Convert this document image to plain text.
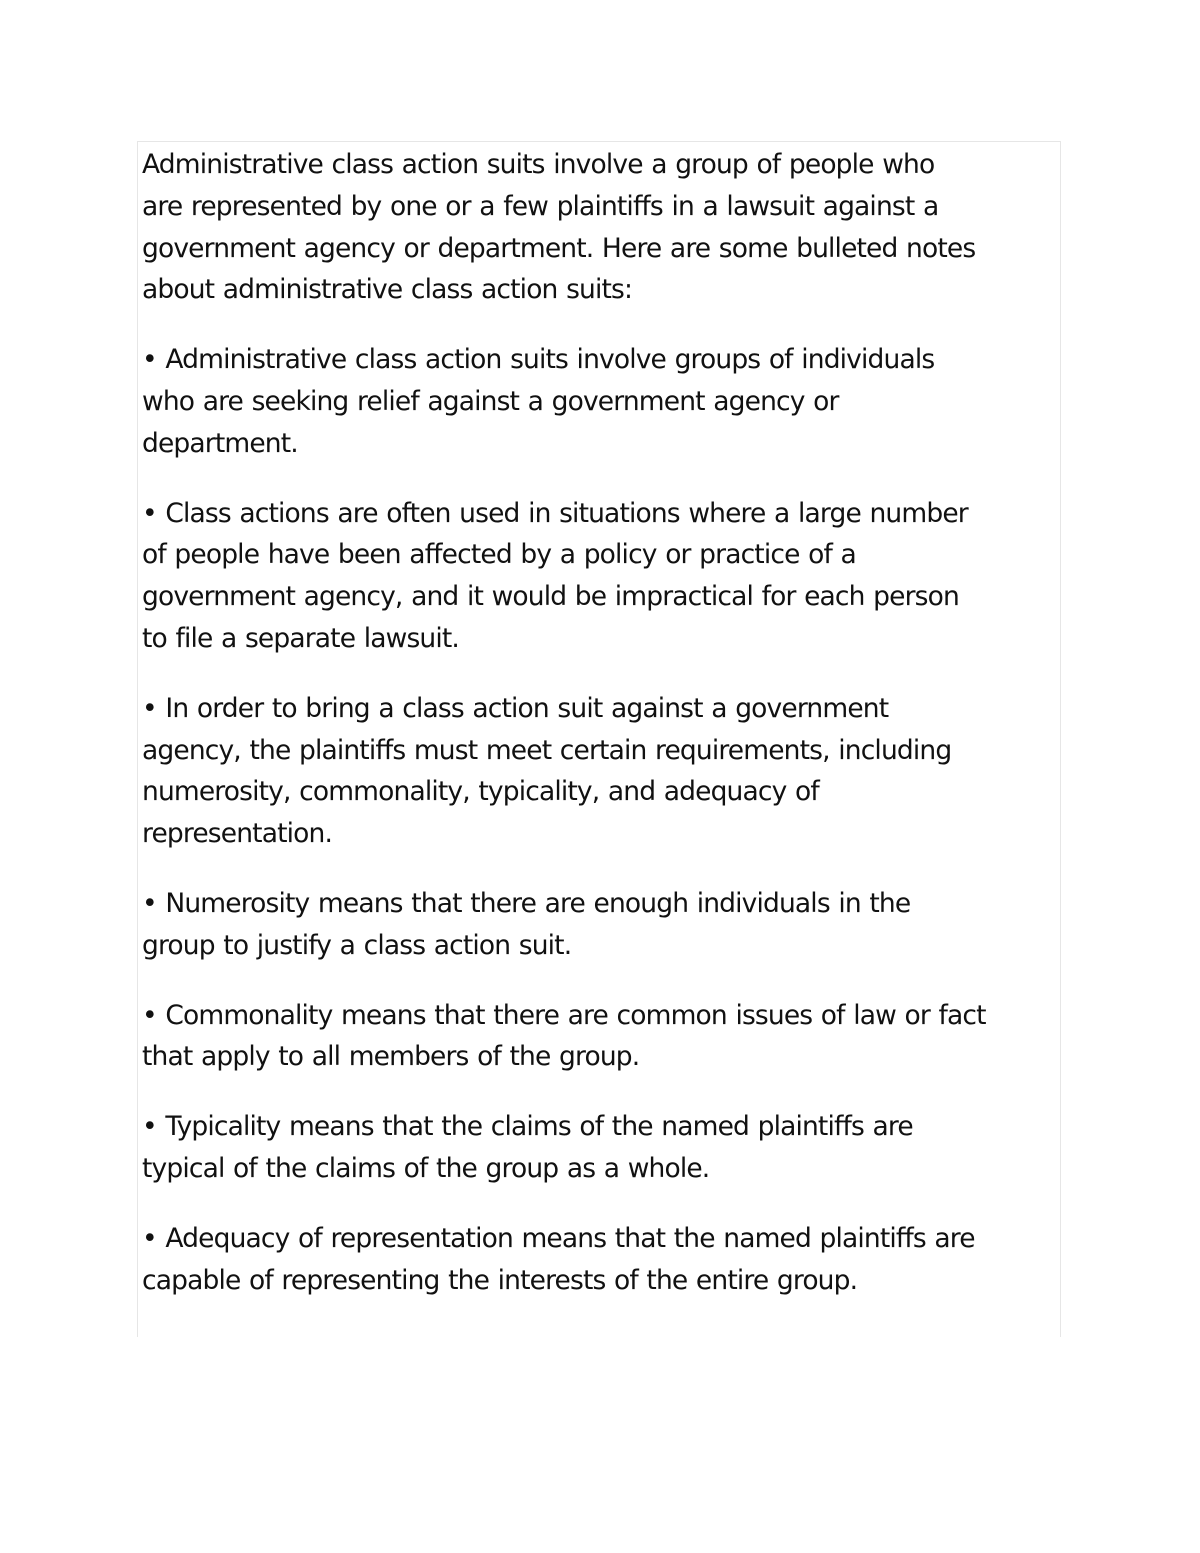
Administrative class action suits involve a group of people who
are represented by one or a few plaintiffs in a lawsuit against a
government agency or department. Here are some bulleted notes
about administrative class action suits:

• Administrative class action suits involve groups of individuals
who are seeking relief against a government agency or
department.

• Class actions are often used in situations where a large number
of people have been affected by a policy or practice of a
government agency, and it would be impractical for each person
to file a separate lawsuit.

• In order to bring a class action suit against a government
agency, the plaintiffs must meet certain requirements, including
numerosity, commonality, typicality, and adequacy of
representation.

• Numerosity means that there are enough individuals in the
group to justify a class action suit.

• Commonality means that there are common issues of law or fact
that apply to all members of the group.

• Typicality means that the claims of the named plaintiffs are
typical of the claims of the group as a whole.

• Adequacy of representation means that the named plaintiffs are
capable of representing the interests of the entire group.
